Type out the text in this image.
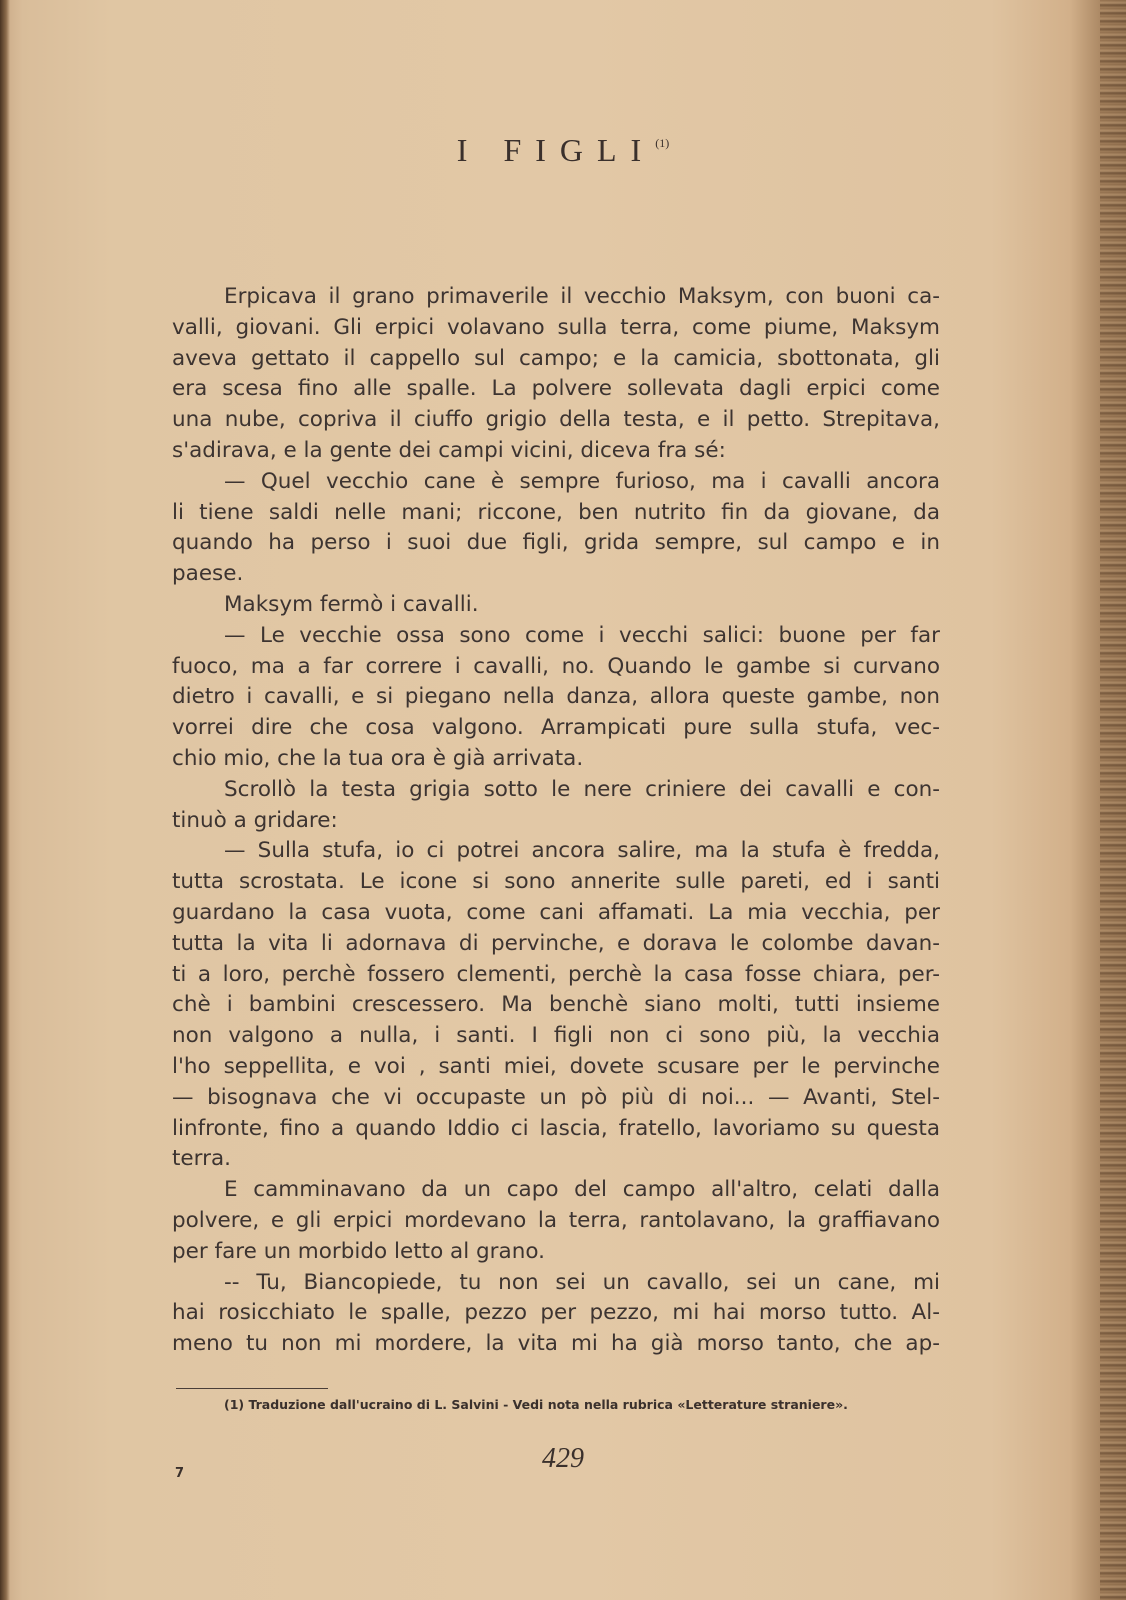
I FIGLI$^{(1)}$
Erpicava il grano primaverile il vecchio Maksym, con buoni ca-
valli, giovani. Gli erpici volavano sulla terra, come piume, Maksym
aveva gettato il cappello sul campo; e la camicia, sbottonata, gli
era scesa fino alle spalle. La polvere sollevata dagli erpici come
una nube, copriva il ciuffo grigio della testa, e il petto. Strepitava,
s'adirava, e la gente dei campi vicini, diceva fra sé:
— Quel vecchio cane è sempre furioso, ma i cavalli ancora
li tiene saldi nelle mani; riccone, ben nutrito fin da giovane, da
quando ha perso i suoi due figli, grida sempre, sul campo e in
paese.
Maksym fermò i cavalli.
— Le vecchie ossa sono come i vecchi salici: buone per far
fuoco, ma a far correre i cavalli, no. Quando le gambe si curvano
dietro i cavalli, e si piegano nella danza, allora queste gambe, non
vorrei dire che cosa valgono. Arrampicati pure sulla stufa, vec-
chio mio, che la tua ora è già arrivata.
Scrollò la testa grigia sotto le nere criniere dei cavalli e con-
tinuò a gridare:
— Sulla stufa, io ci potrei ancora salire, ma la stufa è fredda,
tutta scrostata. Le icone si sono annerite sulle pareti, ed i santi
guardano la casa vuota, come cani affamati. La mia vecchia, per
tutta la vita li adornava di pervinche, e dorava le colombe davan-
ti a loro, perchè fossero clementi, perchè la casa fosse chiara, per-
chè i bambini crescessero. Ma benchè siano molti, tutti insieme
non valgono a nulla, i santi. I figli non ci sono più, la vecchia
l'ho seppellita, e voi , santi miei, dovete scusare per le pervinche
— bisognava che vi occupaste un pò più di noi... — Avanti, Stel-
linfronte, fino a quando Iddio ci lascia, fratello, lavoriamo su questa
terra.
E camminavano da un capo del campo all'altro, celati dalla
polvere, e gli erpici mordevano la terra, rantolavano, la graffiavano
per fare un morbido letto al grano.
-- Tu, Biancopiede, tu non sei un cavallo, sei un cane, mi
hai rosicchiato le spalle, pezzo per pezzo, mi hai morso tutto. Al-
meno tu non mi mordere, la vita mi ha già morso tanto, che ap-
(1) Traduzione dall'ucraino di L. Salvini - Vedi nota nella rubrica «Letterature straniere».
7	429
